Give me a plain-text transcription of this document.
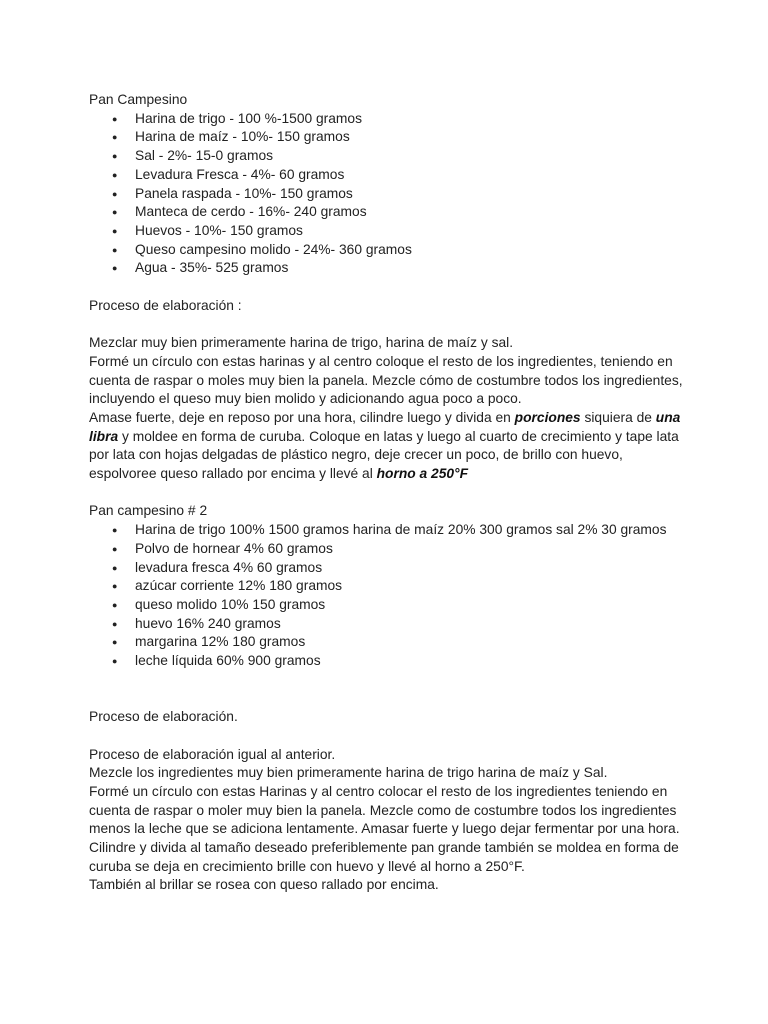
Pan Campesino

● Harina de trigo - 100 %-1500 gramos
● Harina de maíz - 10%- 150 gramos
● Sal - 2%- 15-0 gramos
● Levadura Fresca - 4%- 60 gramos
● Panela raspada - 10%- 150 gramos
● Manteca de cerdo - 16%- 240 gramos
● Huevos - 10%- 150 gramos
● Queso campesino molido - 24%- 360 gramos
● Agua - 35%- 525 gramos

Proceso de elaboración :

Mezclar muy bien primeramente harina de trigo, harina de maíz y sal.

Formé un círculo con estas harinas y al centro coloque el resto de los ingredientes, teniendo en cuenta de raspar o moles muy bien la panela. Mezcle cómo de costumbre todos los ingredientes, incluyendo el queso muy bien molido y adicionando agua poco a poco.

Amase fuerte, deje en reposo por una hora, cilindre luego y divida en porciones siquiera de una libra y moldee en forma de curuba. Coloque en latas y luego al cuarto de crecimiento y tape lata por lata con hojas delgadas de plástico negro, deje crecer un poco, de brillo con huevo, espolvoree queso rallado por encima y llevé al horno a 250°F

Pan campesino # 2

● Harina de trigo 100% 1500 gramos harina de maíz 20% 300 gramos sal 2% 30 gramos
● Polvo de hornear 4% 60 gramos
● levadura fresca 4% 60 gramos
● azúcar corriente 12% 180 gramos
● queso molido 10% 150 gramos
● huevo 16% 240 gramos
● margarina 12% 180 gramos
● leche líquida 60% 900 gramos

Proceso de elaboración.

Proceso de elaboración igual al anterior.

Mezcle los ingredientes muy bien primeramente harina de trigo harina de maíz y Sal.

Formé un círculo con estas Harinas y al centro colocar el resto de los ingredientes teniendo en cuenta de raspar o moler muy bien la panela. Mezcle como de costumbre todos los ingredientes menos la leche que se adiciona lentamente. Amasar fuerte y luego dejar fermentar por una hora. Cilindre y divida al tamaño deseado preferiblemente pan grande también se moldea en forma de curuba se deja en crecimiento brille con huevo y llevé al horno a 250°F.

También al brillar se rosea con queso rallado por encima.
